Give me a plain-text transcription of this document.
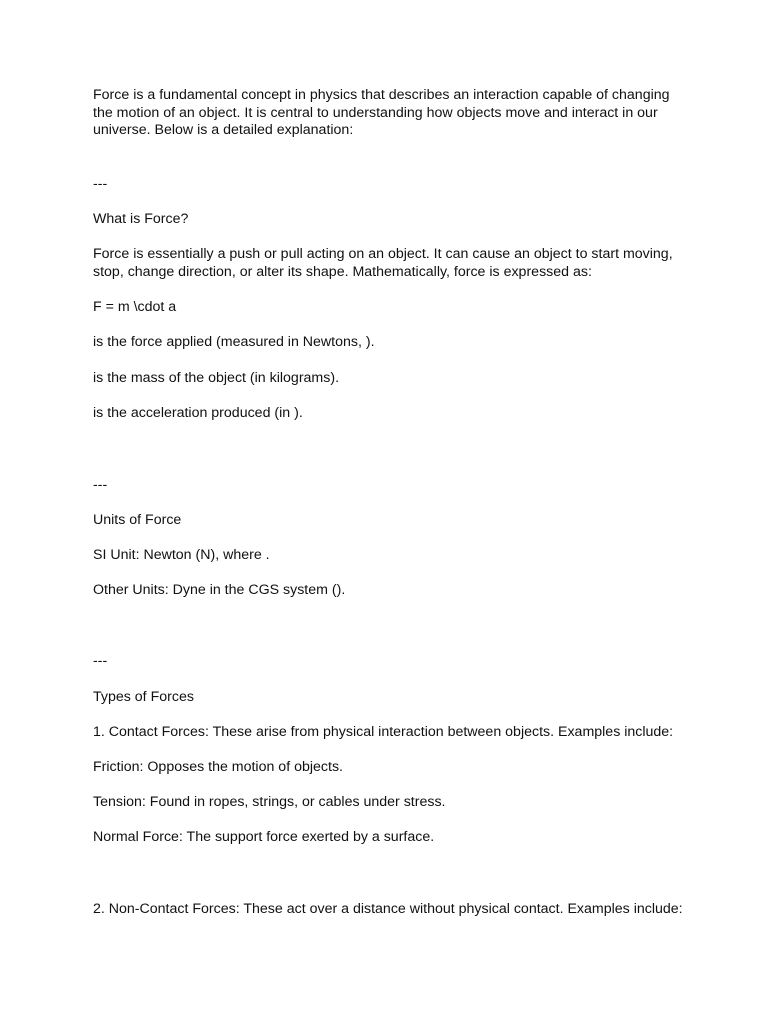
Force is a fundamental concept in physics that describes an interaction capable of changing the motion of an object. It is central to understanding how objects move and interact in our universe. Below is a detailed explanation:

---

What is Force?

Force is essentially a push or pull acting on an object. It can cause an object to start moving, stop, change direction, or alter its shape. Mathematically, force is expressed as:

F = m \cdot a

is the force applied (measured in Newtons, ).

is the mass of the object (in kilograms).

is the acceleration produced (in ).

---

Units of Force

SI Unit: Newton (N), where .

Other Units: Dyne in the CGS system ().

---

Types of Forces

1. Contact Forces: These arise from physical interaction between objects. Examples include:

Friction: Opposes the motion of objects.

Tension: Found in ropes, strings, or cables under stress.

Normal Force: The support force exerted by a surface.

2. Non-Contact Forces: These act over a distance without physical contact. Examples include:
